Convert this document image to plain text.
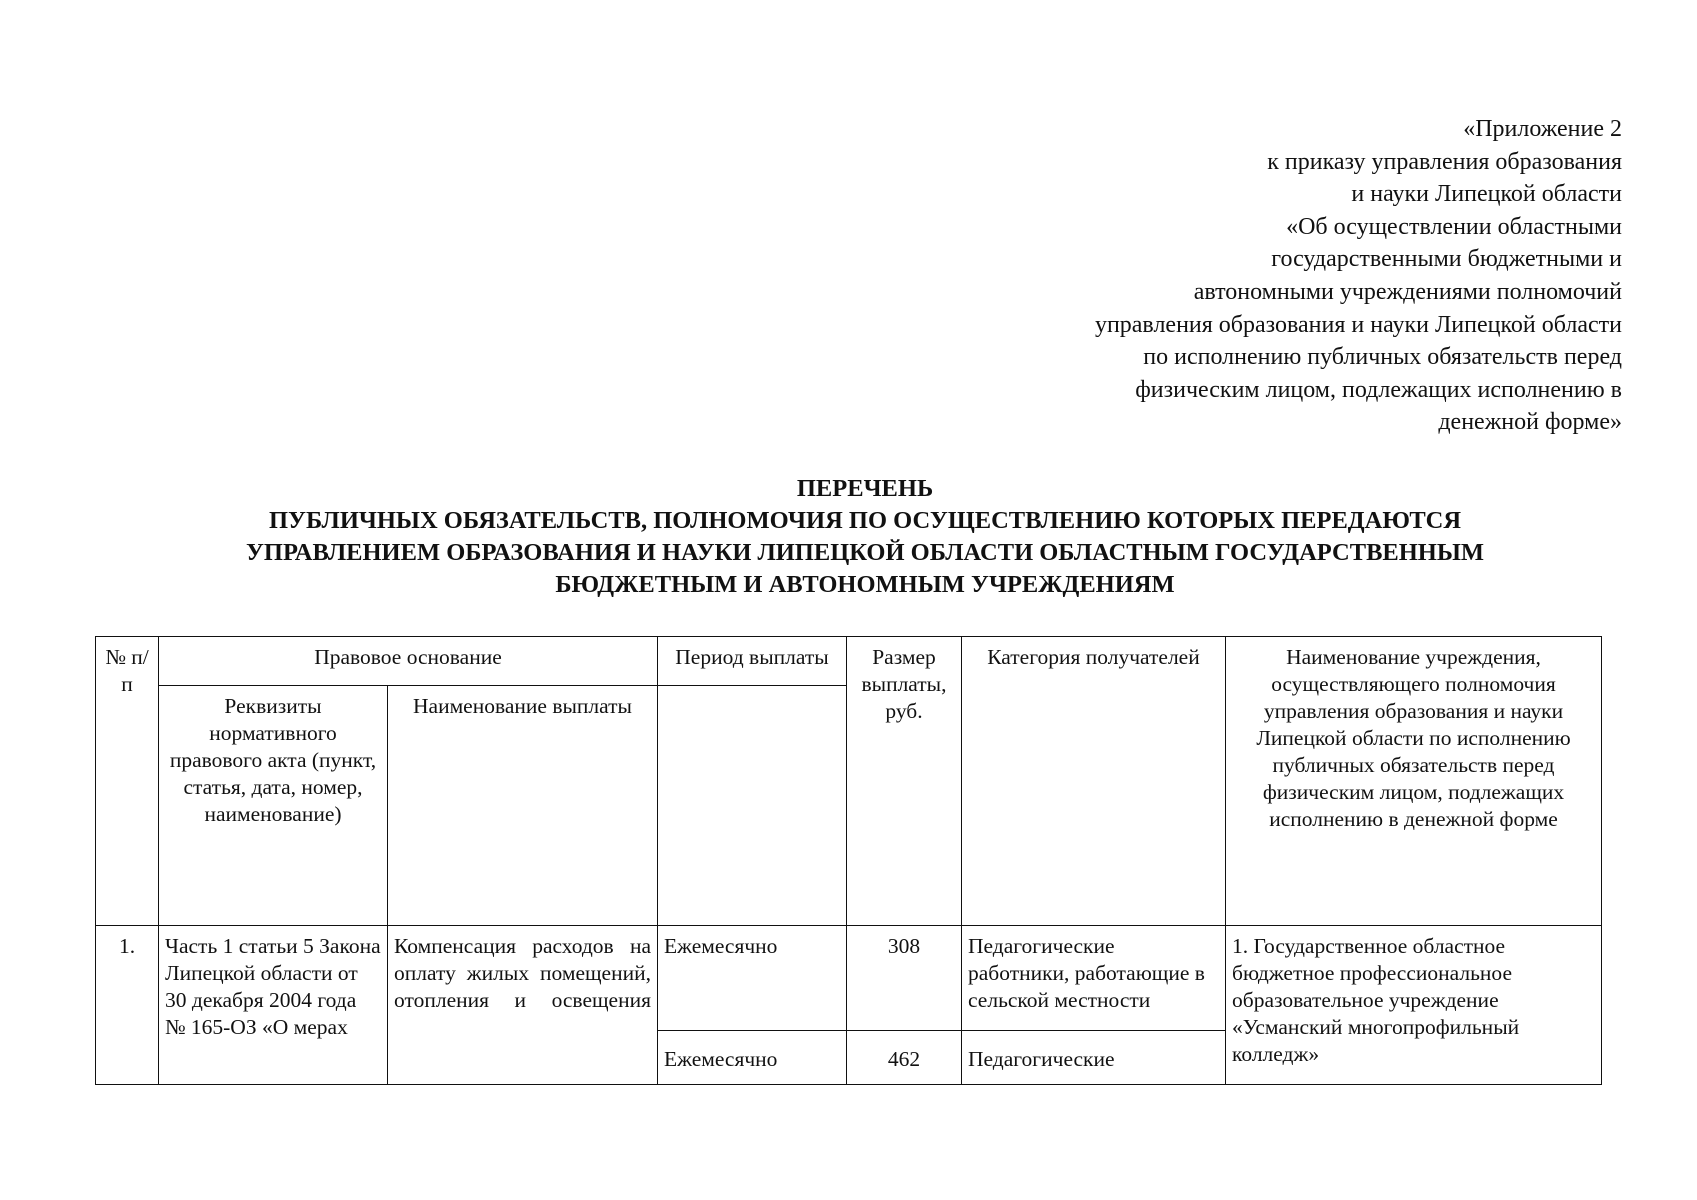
«Приложение 2
к приказу управления образования
и науки Липецкой области
«Об осуществлении областными
государственными бюджетными и
автономными учреждениями полномочий
управления образования и науки Липецкой области
по исполнению публичных обязательств перед
физическим лицом, подлежащих исполнению в
денежной форме»
ПЕРЕЧЕНЬ
ПУБЛИЧНЫХ ОБЯЗАТЕЛЬСТВ, ПОЛНОМОЧИЯ ПО ОСУЩЕСТВЛЕНИЮ КОТОРЫХ ПЕРЕДАЮТСЯ
УПРАВЛЕНИЕМ ОБРАЗОВАНИЯ И НАУКИ ЛИПЕЦКОЙ ОБЛАСТИ ОБЛАСТНЫМ ГОСУДАРСТВЕННЫМ
БЮДЖЕТНЫМ И АВТОНОМНЫМ УЧРЕЖДЕНИЯМ
№ п/п	Правовое основание		Период выплаты	Размер выплаты, руб.	Категория получателей	Наименование учреждения, осуществляющего полномочия управления образования и науки Липецкой области по исполнению публичных обязательств перед физическим лицом, подлежащих исполнению в денежной форме
	Реквизиты нормативного правового акта (пункт, статья, дата, номер, наименование)	Наименование выплаты				
1.	Часть 1 статьи 5 Закона Липецкой области от 30 декабря 2004 года № 165-ОЗ «О мерах	Компенсация расходов на оплату жилых помещений, отопления и освещения	Ежемесячно	308	Педагогические работники, работающие в сельской местности	1. Государственное областное бюджетное профессиональное образовательное учреждение «Усманский многопрофильный колледж»
			Ежемесячно	462	Педагогические	
